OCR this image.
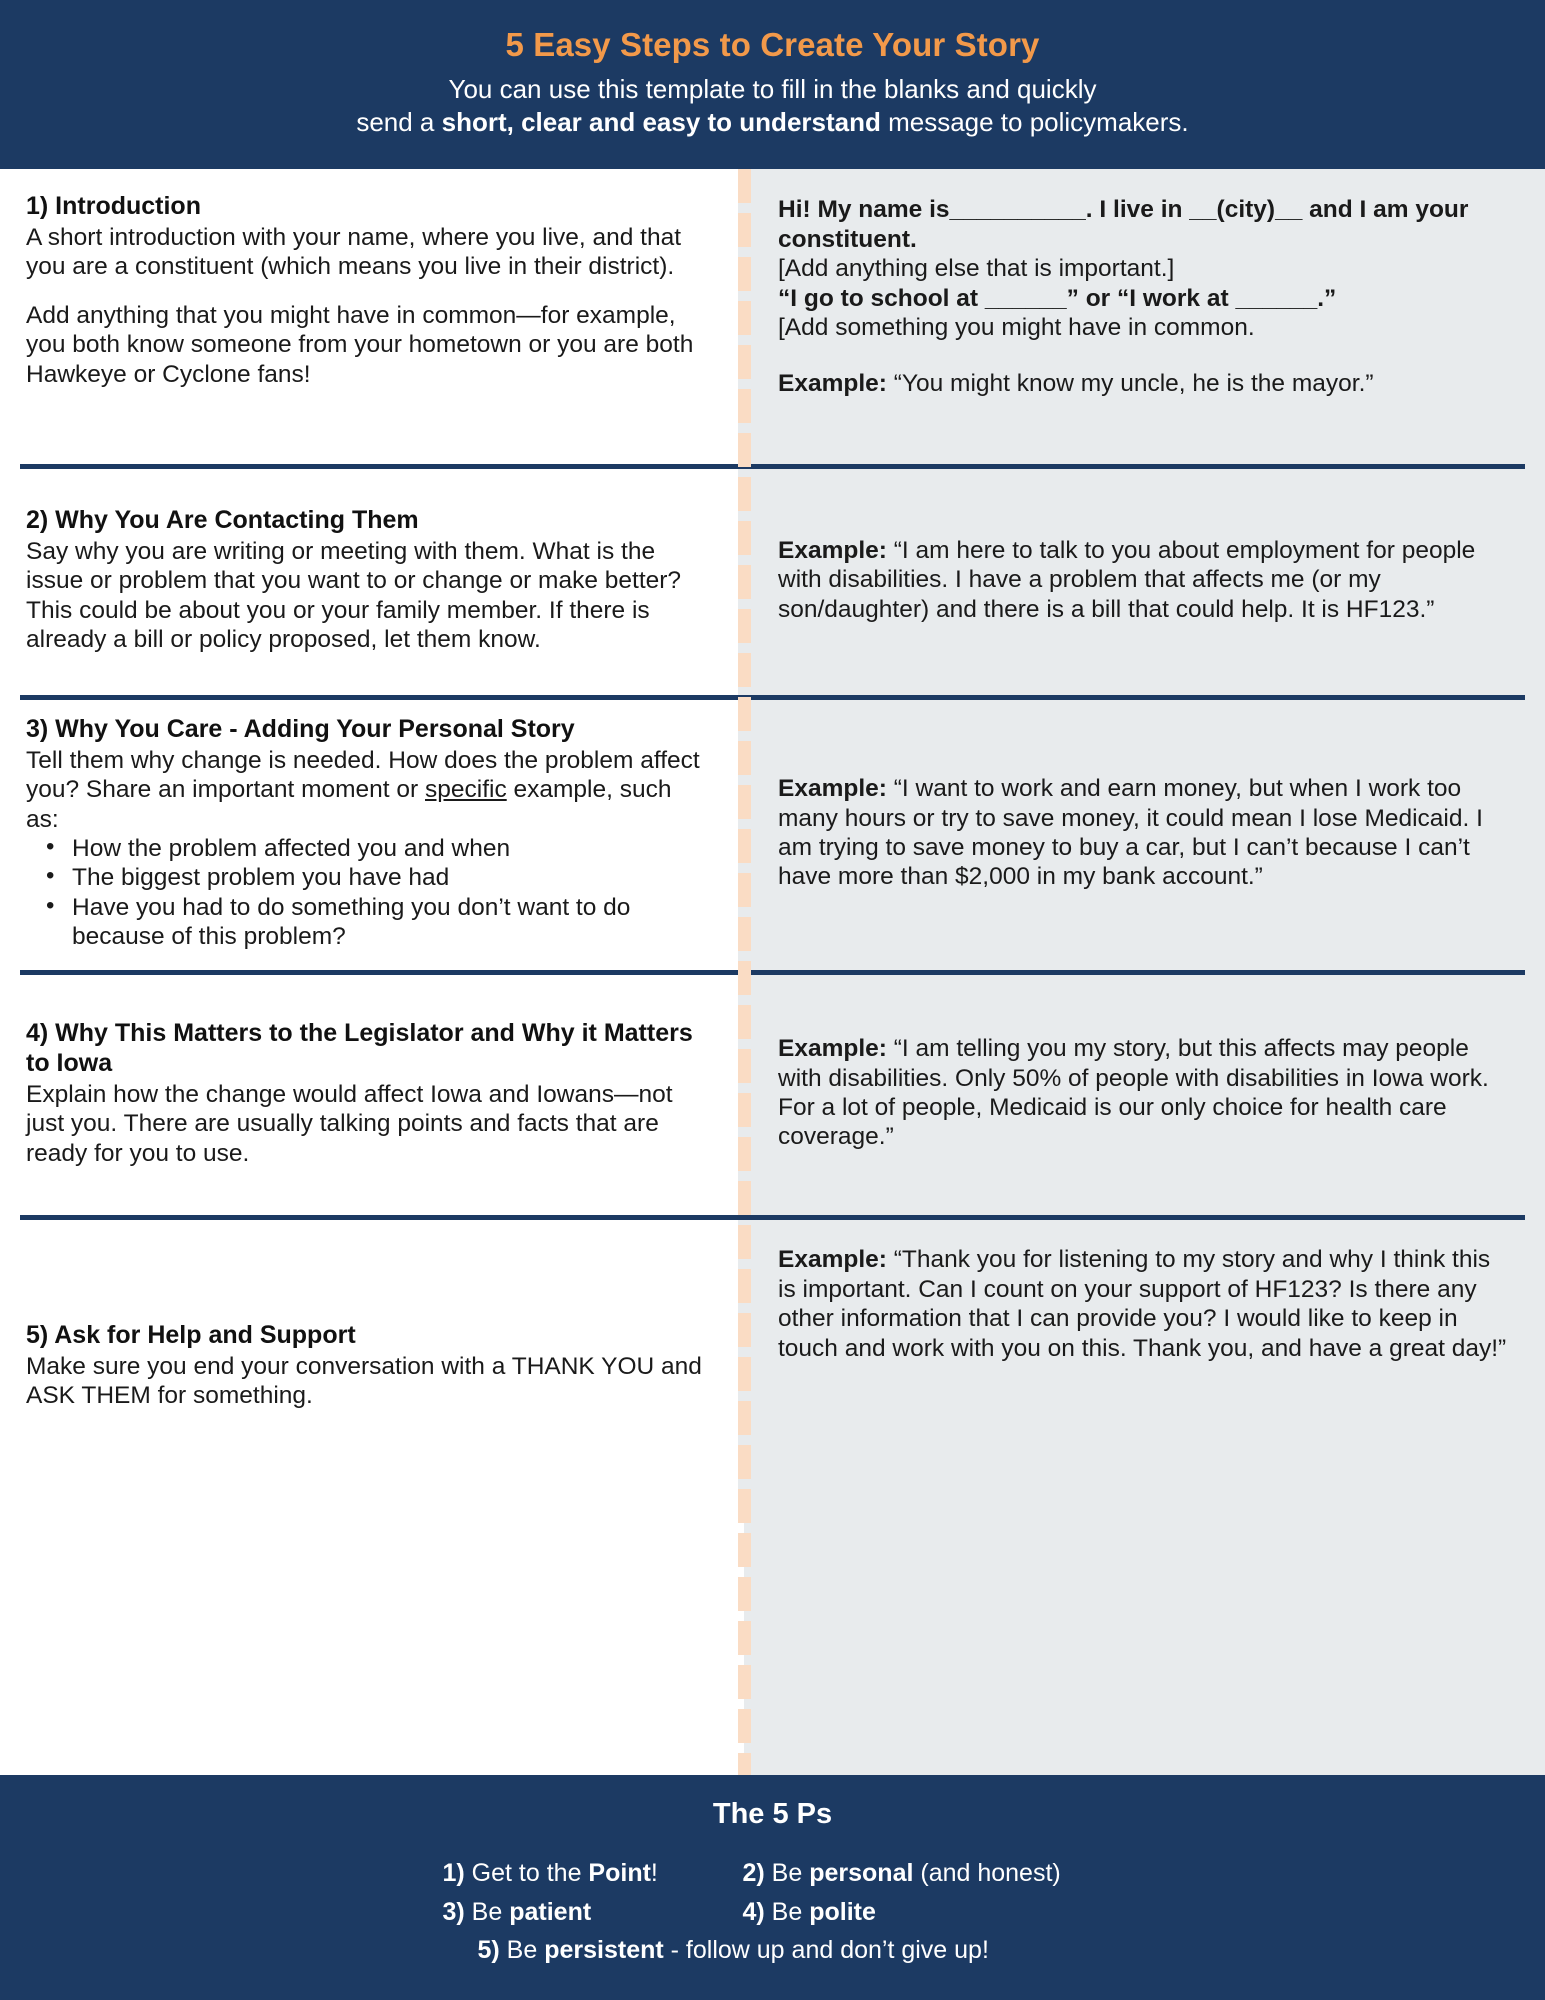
5 Easy Steps to Create Your Story
You can use this template to fill in the blanks and quickly
send a short, clear and easy to understand message to policymakers.
1) Introduction

A short introduction with your name, where you live, and that you are a constituent (which means you live in their district).

Add anything that you might have in common—for example, you both know someone from your hometown or you are both Hawkeye or Cyclone fans!

Hi! My name is__________. I live in __(city)__ and I am your constituent.

[Add anything else that is important.]

“I go to school at ______” or “I work at ______.”

[Add something you might have in common.

Example: “You might know my uncle, he is the mayor.”

2) Why You Are Contacting Them

Say why you are writing or meeting with them. What is the issue or problem that you want to or change or make better? This could be about you or your family member. If there is already a bill or policy proposed, let them know.

Example: “I am here to talk to you about employment for people with disabilities. I have a problem that affects me (or my son/daughter) and there is a bill that could help. It is HF123.”

3) Why You Care - Adding Your Personal Story

Tell them why change is needed. How does the problem affect you? Share an important moment or specific example, such as:

• How the problem affected you and when
• The biggest problem you have had
• Have you had to do something you don’t want to do because of this problem?

Example: “I want to work and earn money, but when I work too many hours or try to save money, it could mean I lose Medicaid. I am trying to save money to buy a car, but I can’t because I can’t have more than $2,000 in my bank account.”

4) Why This Matters to the Legislator and Why it Matters to Iowa

Explain how the change would affect Iowa and Iowans—not just you. There are usually talking points and facts that are ready for you to use.

Example: “I am telling you my story, but this affects may people with disabilities. Only 50% of people with disabilities in Iowa work. For a lot of people, Medicaid is our only choice for health care coverage.”

5) Ask for Help and Support

Make sure you end your conversation with a THANK YOU and ASK THEM for something.

Example: “Thank you for listening to my story and why I think this is important. Can I count on your support of HF123? Is there any other information that I can provide you? I would like to keep in touch and work with you on this. Thank you, and have a great day!”

The 5 Ps
1) Get to the Point!	2) Be personal (and honest)
3) Be patient	4) Be polite
5) Be persistent - follow up and don’t give up!
